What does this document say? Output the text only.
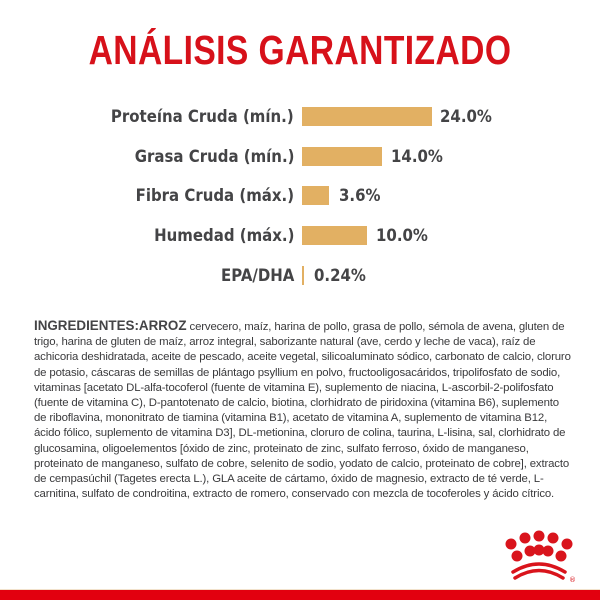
ANÁLISIS GARANTIZADO
Proteína Cruda (mín.)	24.0%
Grasa Cruda (mín.)	14.0%
Fibra Cruda (máx.)	3.6%
Humedad (máx.)	10.0%
EPA/DHA 0.24%
INGREDIENTES:ARROZ cervecero, maíz, harina de pollo, grasa de pollo, sémola de avena, gluten de trigo, harina de gluten de maíz, arroz integral, saborizante natural (ave, cerdo y leche de vaca), raíz de achicoria deshidratada, aceite de pescado, aceite vegetal, silicoaluminato sódico, carbonato de calcio, cloruro de potasio, cáscaras de semillas de plántago psyllium en polvo, fructooligosacáridos, tripolifosfato de sodio, vitaminas [acetato DL-alfa-tocoferol (fuente de vitamina E), suplemento de niacina, L-ascorbil-2-polifosfato (fuente de vitamina C), D-pantotenato de calcio, biotina, clorhidrato de piridoxina (vitamina B6), suplemento de riboflavina, mononitrato de tiamina (vitamina B1), acetato de vitamina A, suplemento de vitamina B12, ácido fólico, suplemento de vitamina D3], DL-metionina, cloruro de colina, taurina, L-lisina, sal, clorhidrato de glucosamina, oligoelementos [óxido de zinc, proteinato de zinc, sulfato ferroso, óxido de manganeso, proteinato de manganeso, sulfato de cobre, selenito de sodio, yodato de calcio, proteinato de cobre], extracto de cempasúchil (Tagetes erecta L.), GLA aceite de cártamo, óxido de magnesio, extracto de té verde, L-carnitina, sulfato de condroitina, extracto de romero, conservado con mezcla de tocoferoles y ácido cítrico.
®
